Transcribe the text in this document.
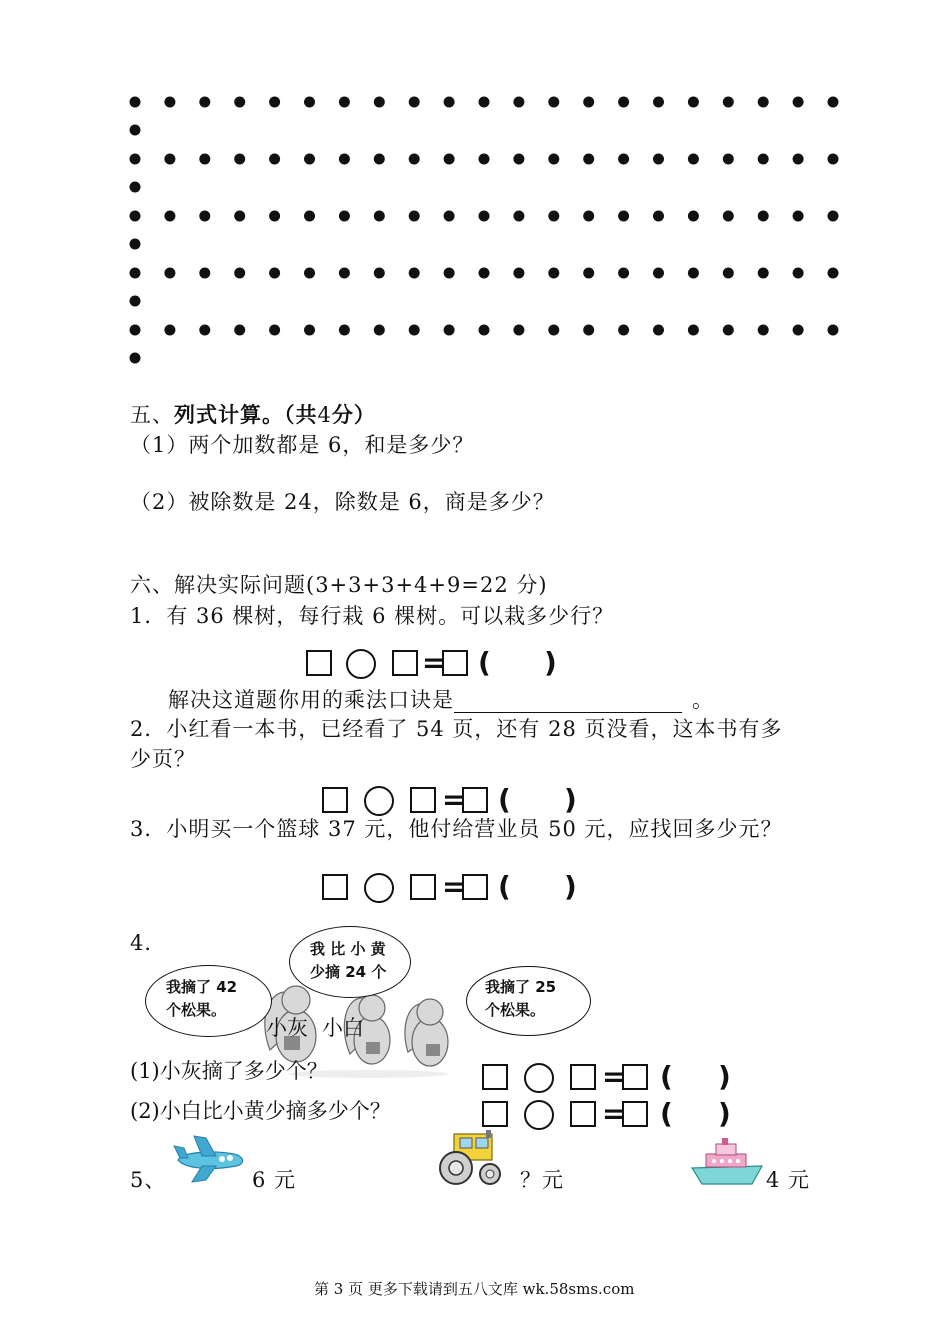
五、列式计算。（共4分）
（1）两个加数都是 6，和是多少？
（2）被除数是 24，除数是 6，商是多少？
六、解决实际问题(3+3+3+4+9=22 分)
1．有 36 棵树，每行栽 6 棵树。可以栽多少行？
= ( )
解决这道题你用的乘法口诀是	。
2．小红看一本书，已经看了 54 页，还有 28 页没看，这本书有多
少页？
= ( )
3．小明买一个篮球 37 元，他付给营业员 50 元，应找回多少元？
= ( )
4．
我摘了 42
个松果。
我 比 小 黄
少摘 24 个
我摘了 25
个松果。
小灰 小白
(1)小灰摘了多少个？
(2)小白比小黄少摘多少个？
= ( )
= ( )
5、	6 元	？元	4 元
第 3 页 更多下载请到五八文库 wk.58sms.com
